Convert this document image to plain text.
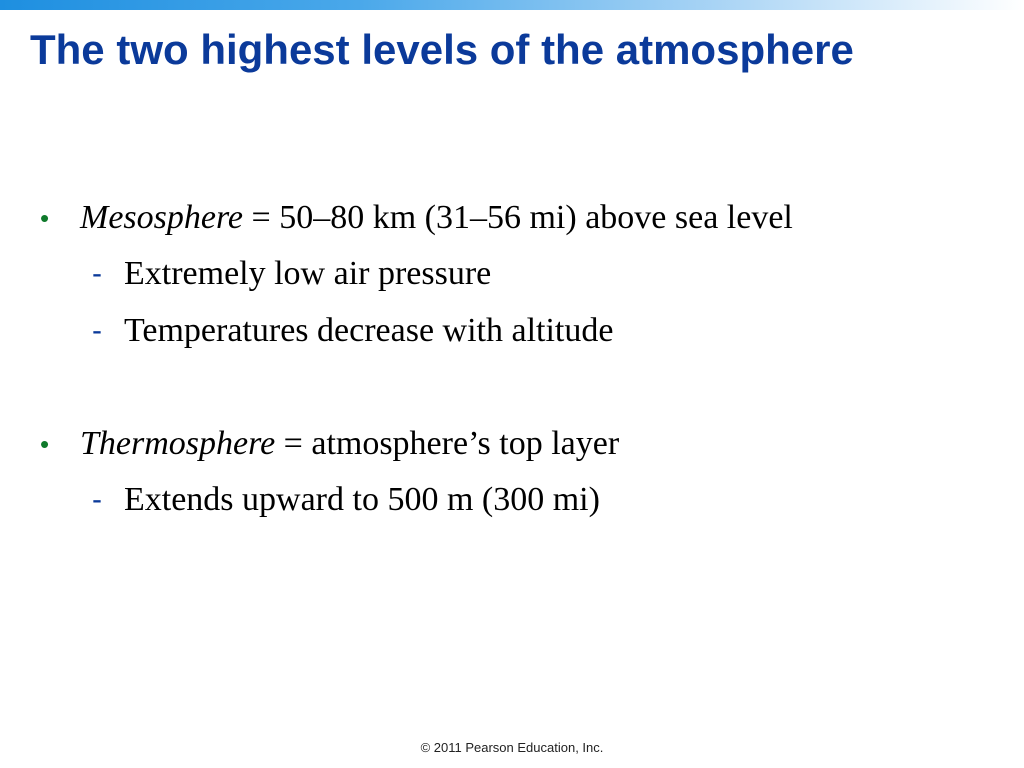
The two highest levels of the atmosphere
• Mesosphere = 50–80 km (31–56 mi) above sea level
- Extremely low air pressure
- Temperatures decrease with altitude
• Thermosphere = atmosphere’s top layer
- Extends upward to 500 m (300 mi)
© 2011 Pearson Education, Inc.
